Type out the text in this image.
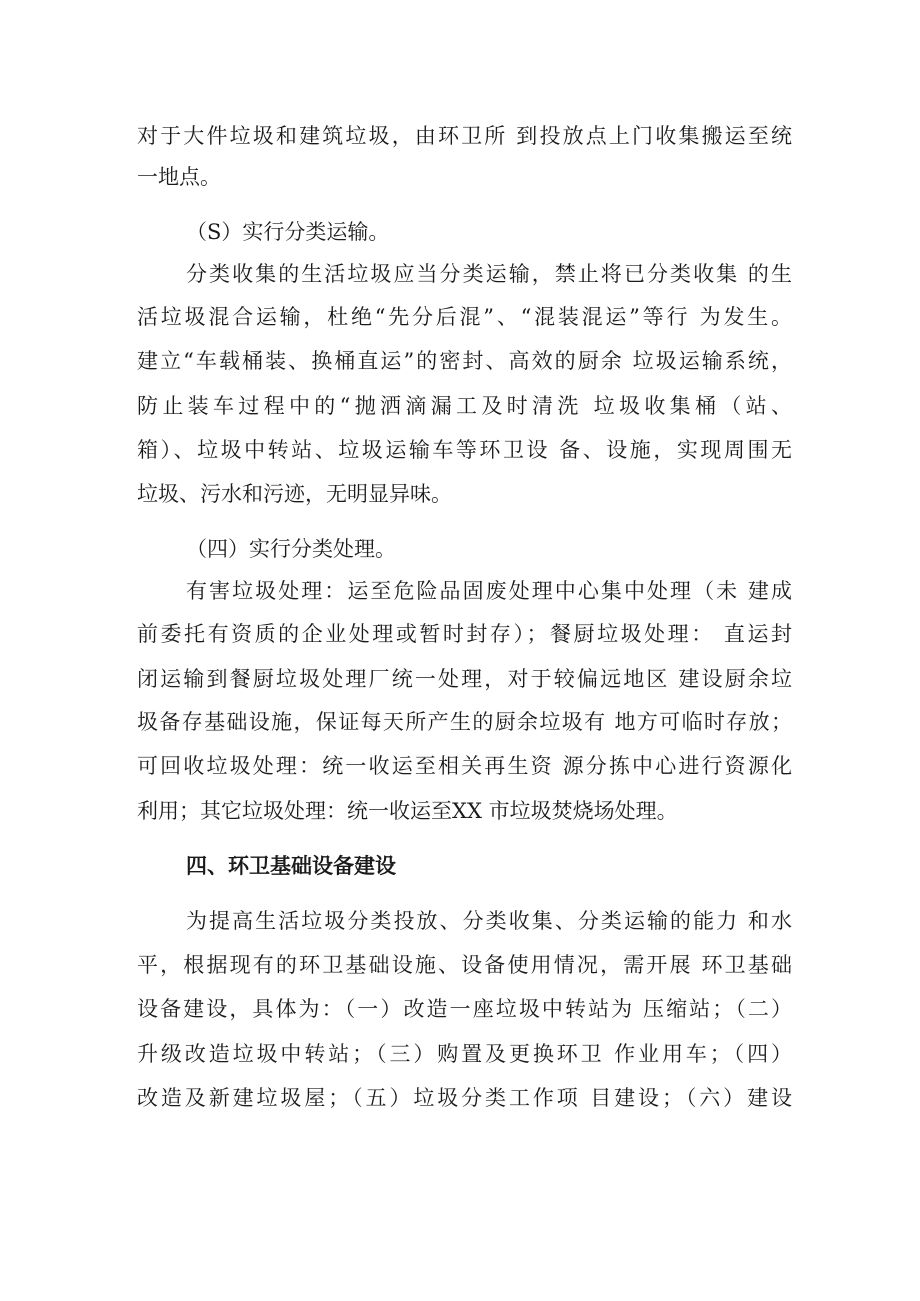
对于大件垃圾和建筑垃圾，由环卫所 到投放点上门收集搬运至统
一地点。
（S）实行分类运输。
分类收集的生活垃圾应当分类运输，禁止将已分类收集 的生
活垃圾混合运输，杜绝“先分后混”、“混装混运”等行 为发生。
建立“车载桶装、换桶直运”的密封、高效的厨余 垃圾运输系统，
防止装车过程中的“抛洒滴漏工及时清洗 垃圾收集桶（站、
箱）、垃圾中转站、垃圾运输车等环卫设 备、设施，实现周围无
垃圾、污水和污迹，无明显异味。
（四）实行分类处理。
有害垃圾处理：运至危险品固废处理中心集中处理（未 建成
前委托有资质的企业处理或暂时封存）；餐厨垃圾处理： 直运封
闭运输到餐厨垃圾处理厂统一处理，对于较偏远地区 建设厨余垃
圾备存基础设施，保证每天所产生的厨余垃圾有 地方可临时存放；
可回收垃圾处理：统一收运至相关再生资 源分拣中心进行资源化
利用；其它垃圾处理：统一收运至XX 市垃圾焚烧场处理。
四、环卫基础设备建设
为提高生活垃圾分类投放、分类收集、分类运输的能力 和水
平，根据现有的环卫基础设施、设备使用情况，需开展 环卫基础
设备建设，具体为：（一）改造一座垃圾中转站为 压缩站；（二）
升级改造垃圾中转站；（三）购置及更换环卫 作业用车；（四）
改造及新建垃圾屋；（五）垃圾分类工作项 目建设；（六）建设
